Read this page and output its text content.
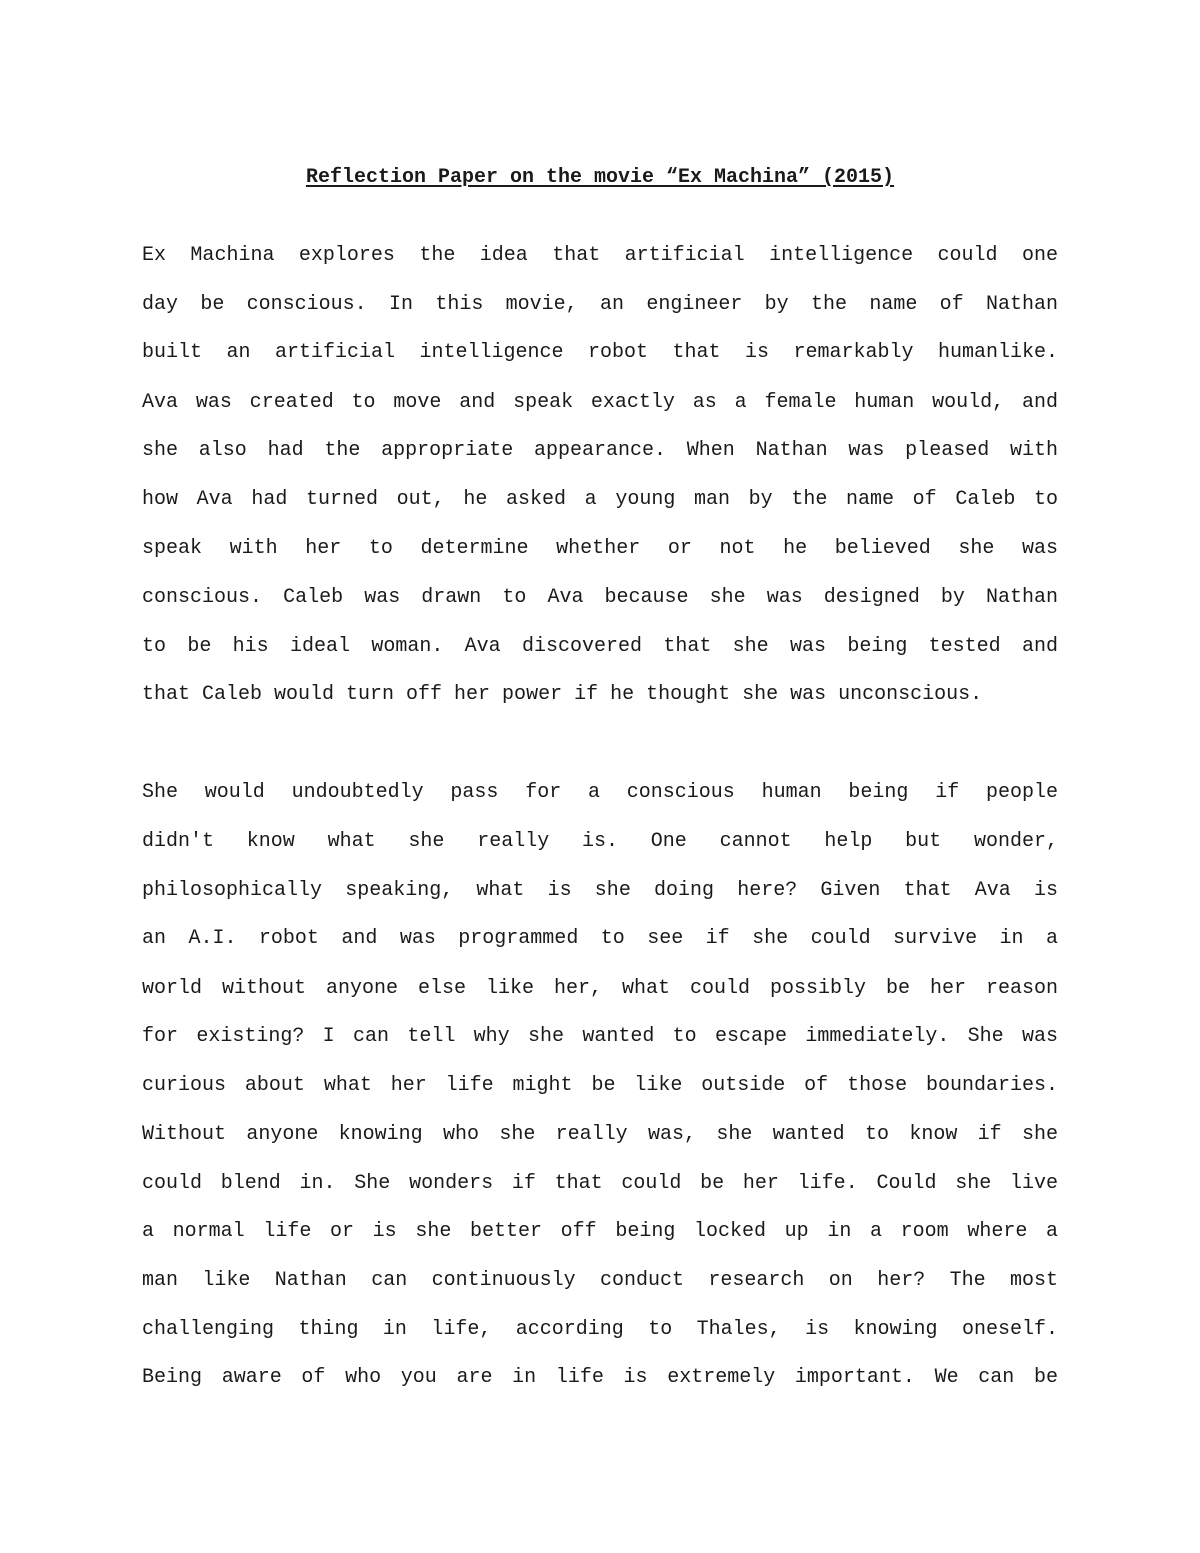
Reflection Paper on the movie “Ex Machina” (2015)
Ex Machina explores the idea that artificial intelligence could one
day be conscious. In this movie, an engineer by the name of Nathan
built an artificial intelligence robot that is remarkably humanlike.
Ava was created to move and speak exactly as a female human would, and
she also had the appropriate appearance. When Nathan was pleased with
how Ava had turned out, he asked a young man by the name of Caleb to
speak with her to determine whether or not he believed she was
conscious. Caleb was drawn to Ava because she was designed by Nathan
to be his ideal woman. Ava discovered that she was being tested and
that Caleb would turn off her power if he thought she was unconscious.
She would undoubtedly pass for a conscious human being if people
didn't know what she really is. One cannot help but wonder,
philosophically speaking, what is she doing here? Given that Ava is
an A.I. robot and was programmed to see if she could survive in a
world without anyone else like her, what could possibly be her reason
for existing? I can tell why she wanted to escape immediately. She was
curious about what her life might be like outside of those boundaries.
Without anyone knowing who she really was, she wanted to know if she
could blend in. She wonders if that could be her life. Could she live
a normal life or is she better off being locked up in a room where a
man like Nathan can continuously conduct research on her? The most
challenging thing in life, according to Thales, is knowing oneself.
Being aware of who you are in life is extremely important. We can be
